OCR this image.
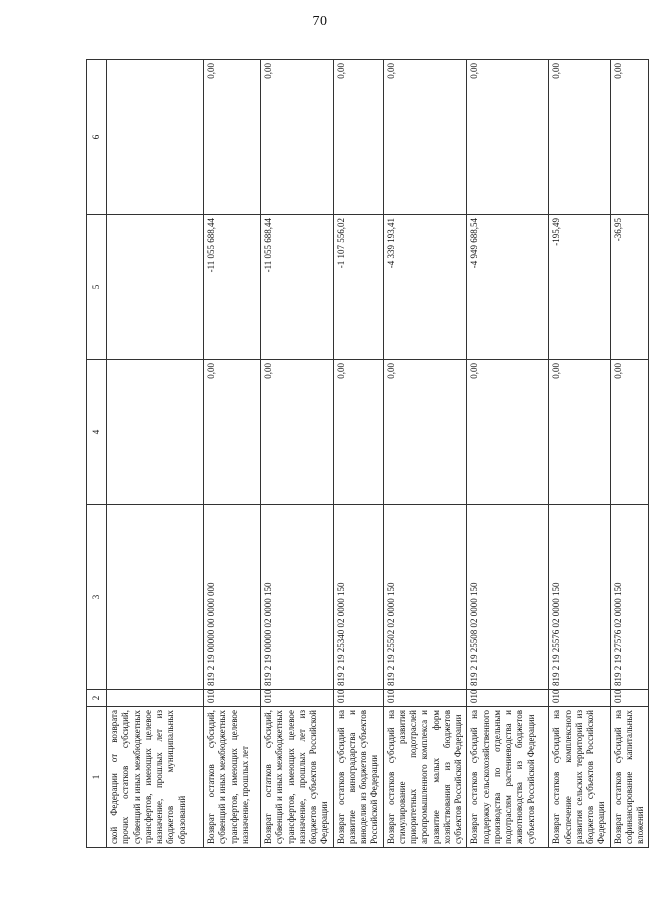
70
1	2	3	4	5	6
ской Федерации от возврата прочих остатков субсидий, субвенций и иных межбюджетных трансфертов, имеющих целевое назначение, прошлых лет из бюджетов муниципальных образований					
Возврат остатков субсидий, субвенций и иных межбюджетных трансфертов, имеющих целевое назначение, прошлых лет	010	819 2 19 00000 00 0000 000	0,00	-11 055 688,44	0,00
Возврат остатков субсидий, субвенций и иных межбюджетных трансфертов, имеющих целевое назначение, прошлых лет из бюджетов субъектов Российской Федерации	010	819 2 19 00000 02 0000 150	0,00	-11 055 688,44	0,00
Возврат остатков субсидий на развитие виноградарства и виноделия из бюджетов субъектов Российской Федерации	010	819 2 19 25340 02 0000 150	0,00	-1 107 556,02	0,00
Возврат остатков субсидий на стимулирование развития приоритетных подотраслей агропромышленного комплекса и развитие малых форм хозяйствования из бюджетов субъектов Российской Федерации	010	819 2 19 25502 02 0000 150	0,00	-4 339 193,41	0,00
Возврат остатков субсидий на поддержку сельскохозяйственного производства по отдельным подотраслям растениеводства и животноводства из бюджетов субъектов Российской Федерации	010	819 2 19 25508 02 0000 150	0,00	-4 949 688,54	0,00
Возврат остатков субсидий на обеспечение комплексного развития сельских территорий из бюджетов субъектов Российской Федерации	010	819 2 19 25576 02 0000 150	0,00	-195,49	0,00
Возврат остатков субсидий на софинансирование капитальных вложений	010	819 2 19 27576 02 0000 150	0,00	-36,95	0,00
